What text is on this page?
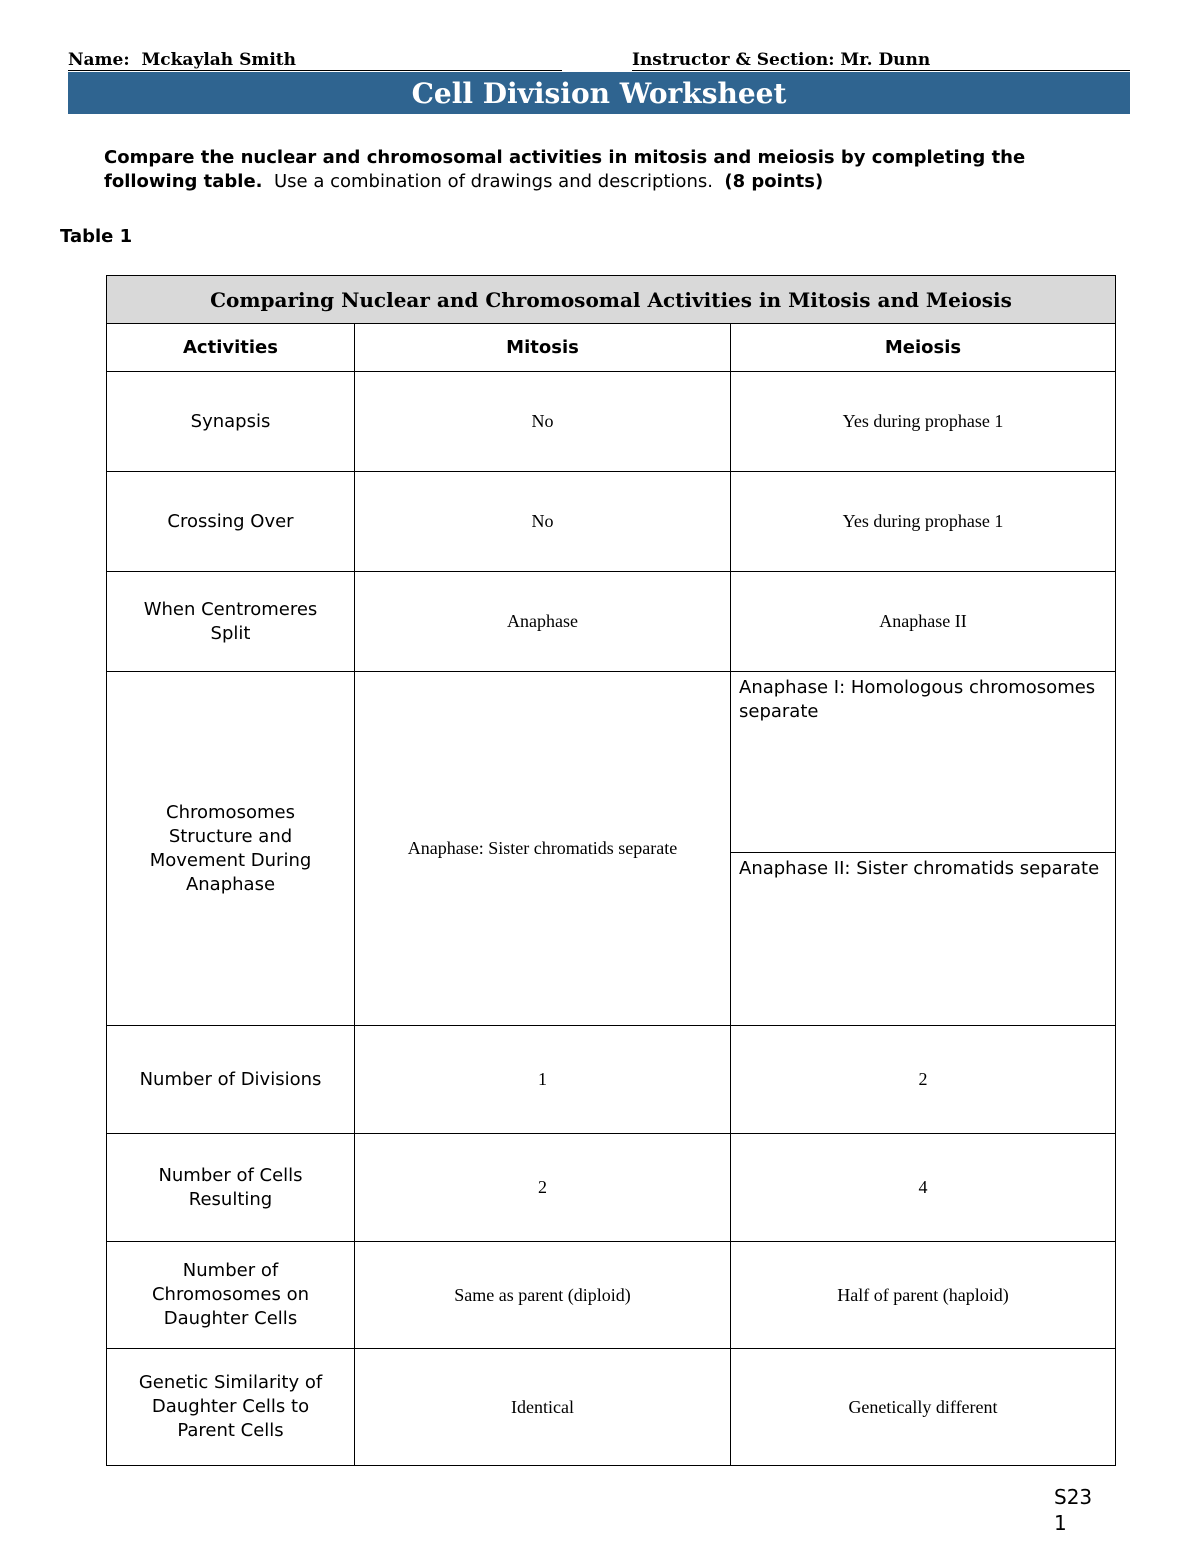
Name: Mckaylah Smith	Instructor & Section: Mr. Dunn
Cell Division Worksheet
Compare the nuclear and chromosomal activities in mitosis and meiosis by completing the following table. Use a combination of drawings and descriptions. (8 points)
Table 1
Comparing Nuclear and Chromosomal Activities in Mitosis and Meiosis		
Activities	Mitosis	Meiosis
Synapsis	No	Yes during prophase 1
Crossing Over	No	Yes during prophase 1
When Centromeres Split	Anaphase	Anaphase II
Chromosomes Structure and Movement During Anaphase	Anaphase: Sister chromatids separate	Anaphase I: Homologous chromosomes separate
		Anaphase II: Sister chromatids separate
Number of Divisions	1	2
Number of Cells Resulting	2	4
Number of Chromosomes on Daughter Cells	Same as parent (diploid)	Half of parent (haploid)
Genetic Similarity of Daughter Cells to Parent Cells	Identical	Genetically different
S23
1
